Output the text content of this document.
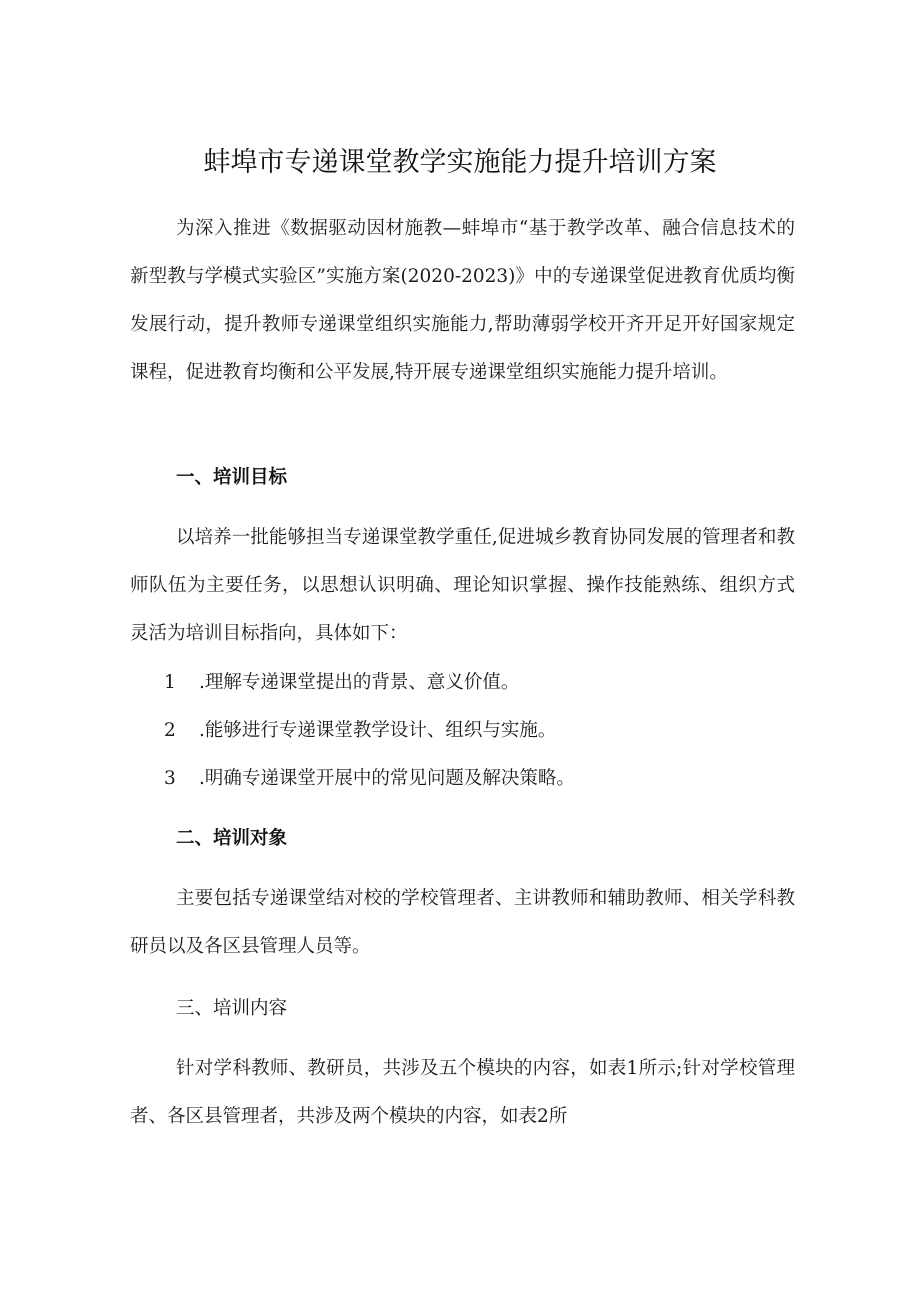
蚌埠市专递课堂教学实施能力提升培训方案

为深入推进《数据驱动因材施教—蚌埠市“基于教学改革、融合信息技术的新型教与学模式实验区”实施方案(2020-2023)》中的专递课堂促进教育优质均衡发展行动，提升教师专递课堂组织实施能力,帮助薄弱学校开齐开足开好国家规定课程，促进教育均衡和公平发展,特开展专递课堂组织实施能力提升培训。

一、培训目标

以培养一批能够担当专递课堂教学重任,促进城乡教育协同发展的管理者和教师队伍为主要任务，以思想认识明确、理论知识掌握、操作技能熟练、组织方式灵活为培训目标指向，具体如下：

1 .理解专递课堂提出的背景、意义价值。
2 .能够进行专递课堂教学设计、组织与实施。
3 .明确专递课堂开展中的常见问题及解决策略。
二、培训对象

主要包括专递课堂结对校的学校管理者、主讲教师和辅助教师、相关学科教研员以及各区县管理人员等。

三、培训内容

针对学科教师、教研员，共涉及五个模块的内容，如表1所示;针对学校管理者、各区县管理者，共涉及两个模块的内容，如表2所
